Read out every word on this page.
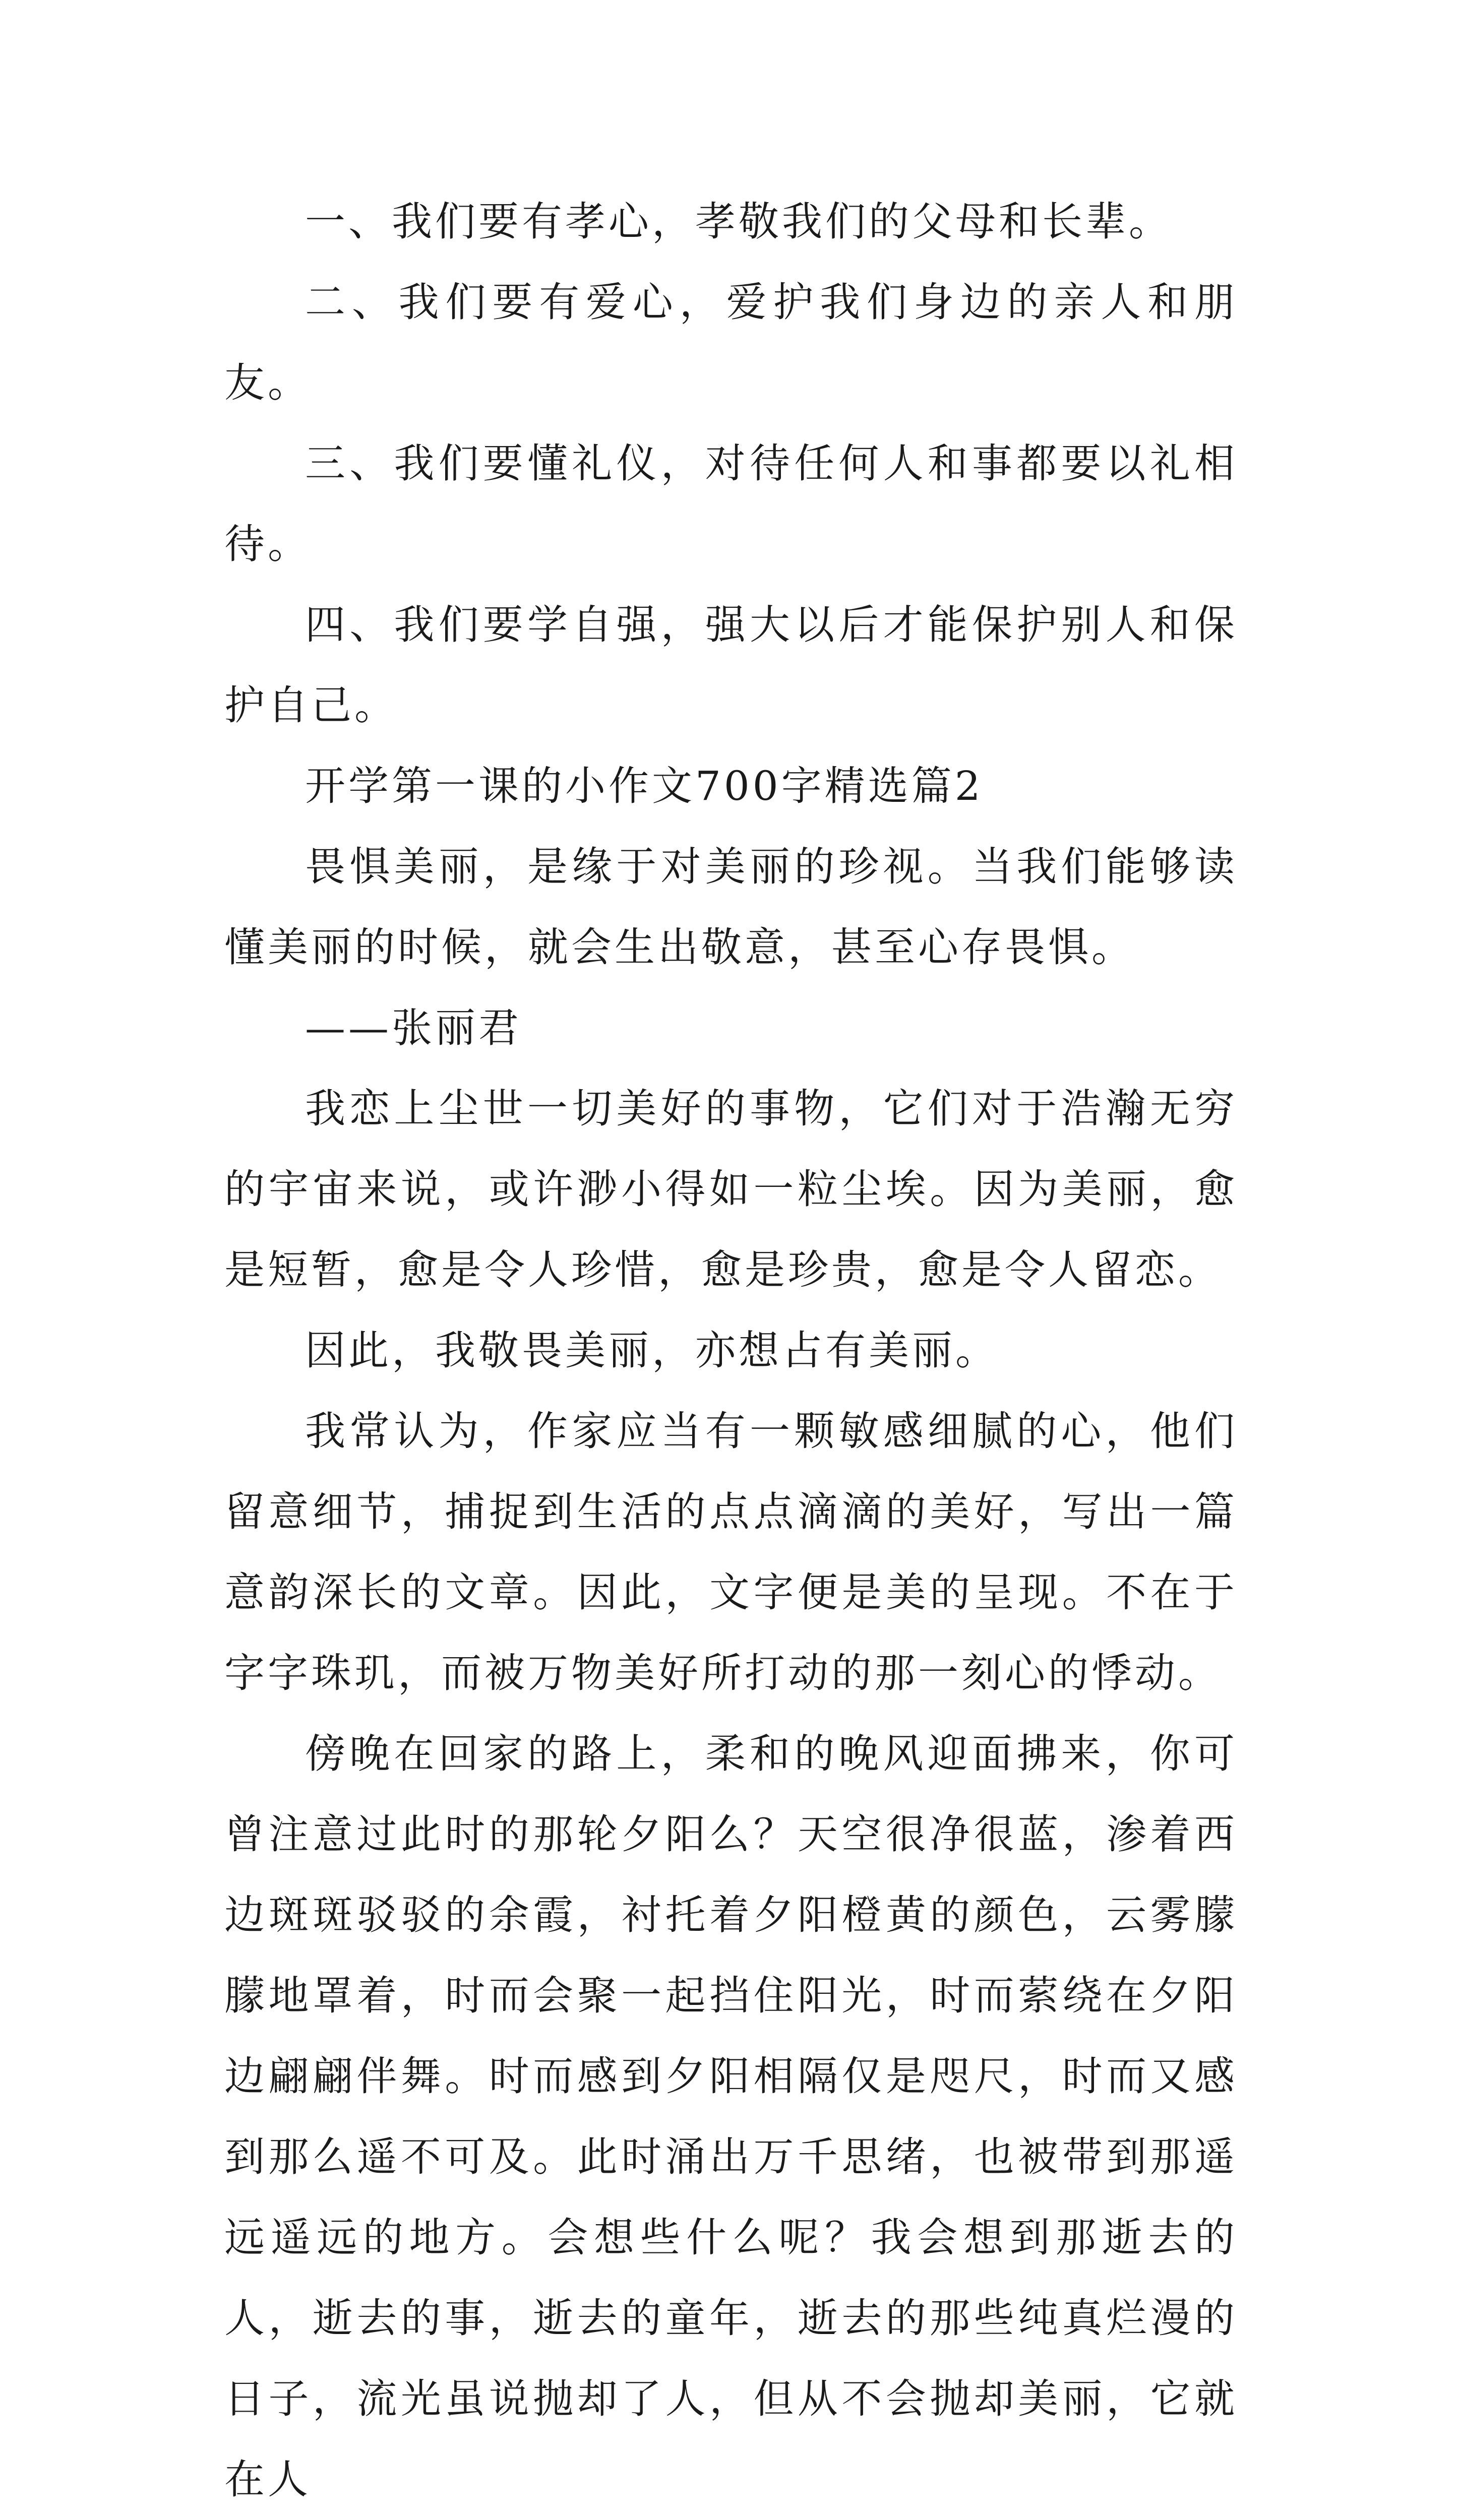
一、我们要有孝心，孝敬我们的父母和长辈。

二、我们要有爱心，爱护我们身边的亲人和朋友。

三、我们要懂礼仪，对待任何人和事都要以礼相待。

四、我们要学自强，强大以后才能保护别人和保护自己。

开学第一课的小作文700字精选篇2

畏惧美丽，是缘于对美丽的珍视。当我们能够读懂美丽的时候，就会生出敬意，甚至心存畏惧。

——张丽君

我恋上尘世一切美好的事物，它们对于浩瀚无穷的宇宙来说，或许渺小得如一粒尘埃。因为美丽，愈是短暂，愈是令人珍惜，愈是珍贵，愈是令人留恋。

因此，我敬畏美丽，亦想占有美丽。

我常认为，作家应当有一颗敏感细腻的心，他们留意细节，捕捉到生活的点点滴滴的美好，写出一篇意韵深长的文章。因此，文字便是美的呈现。不在于字字珠玑，而被万物美好所打动的那一刻心的悸动。

傍晚在回家的路上，柔和的晚风迎面拂来，你可曾注意过此时的那轮夕阳么？天空很净很蓝，渗着西边斑斑驳驳的余霞，衬托着夕阳橙黄的颜色，云雾朦朦地罩着，时而会聚一起挡住阳光，时而萦绕在夕阳边翩翩伴舞。时而感到夕阳相隔仅是咫尺，时而又感到那么遥不可及。此时涌出万千思绪，也被带到那遥远遥远的地方。会想些什么呢？我会想到那逝去的人，逝去的事，逝去的童年，逝去的那些纯真烂漫的日子，流光虽说抛却了人，但从不会抛却美丽，它就在人
